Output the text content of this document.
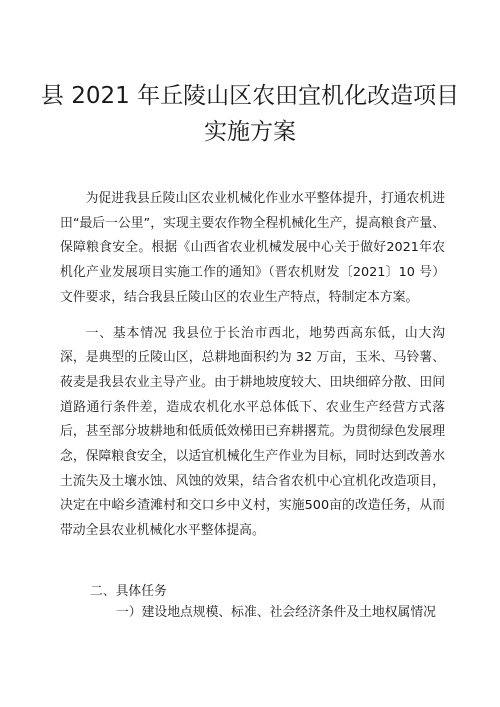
县 2021 年丘陵山区农田宜机化改造项目
实施方案

为促进我县丘陵山区农业机械化作业水平整体提升，打通农机进田“最后一公里”，实现主要农作物全程机械化生产，提高粮食产量、保障粮食安全。根据《山西省农业机械发展中心关于做好2021年农机化产业发展项目实施工作的通知》（晋农机财发〔2021〕10 号）文件要求，结合我县丘陵山区的农业生产特点，特制定本方案。

一、基本情况 我县位于长治市西北，地势西高东低，山大沟深，是典型的丘陵山区，总耕地面积约为 32 万亩，玉米、马铃薯、莜麦是我县农业主导产业。由于耕地坡度较大、田块细碎分散、田间道路通行条件差，造成农机化水平总体低下、农业生产经营方式落后，甚至部分坡耕地和低质低效梯田已弃耕撂荒。为贯彻绿色发展理念，保障粮食安全，以适宜机械化生产作业为目标，同时达到改善水土流失及土壤水蚀、风蚀的效果，结合省农机中心宜机化改造项目，决定在中峪乡渣滩村和交口乡中义村，实施500亩的改造任务，从而带动全县农业机械化水平整体提高。

二、具体任务
一）建设地点规模、标准、社会经济条件及土地权属情况
